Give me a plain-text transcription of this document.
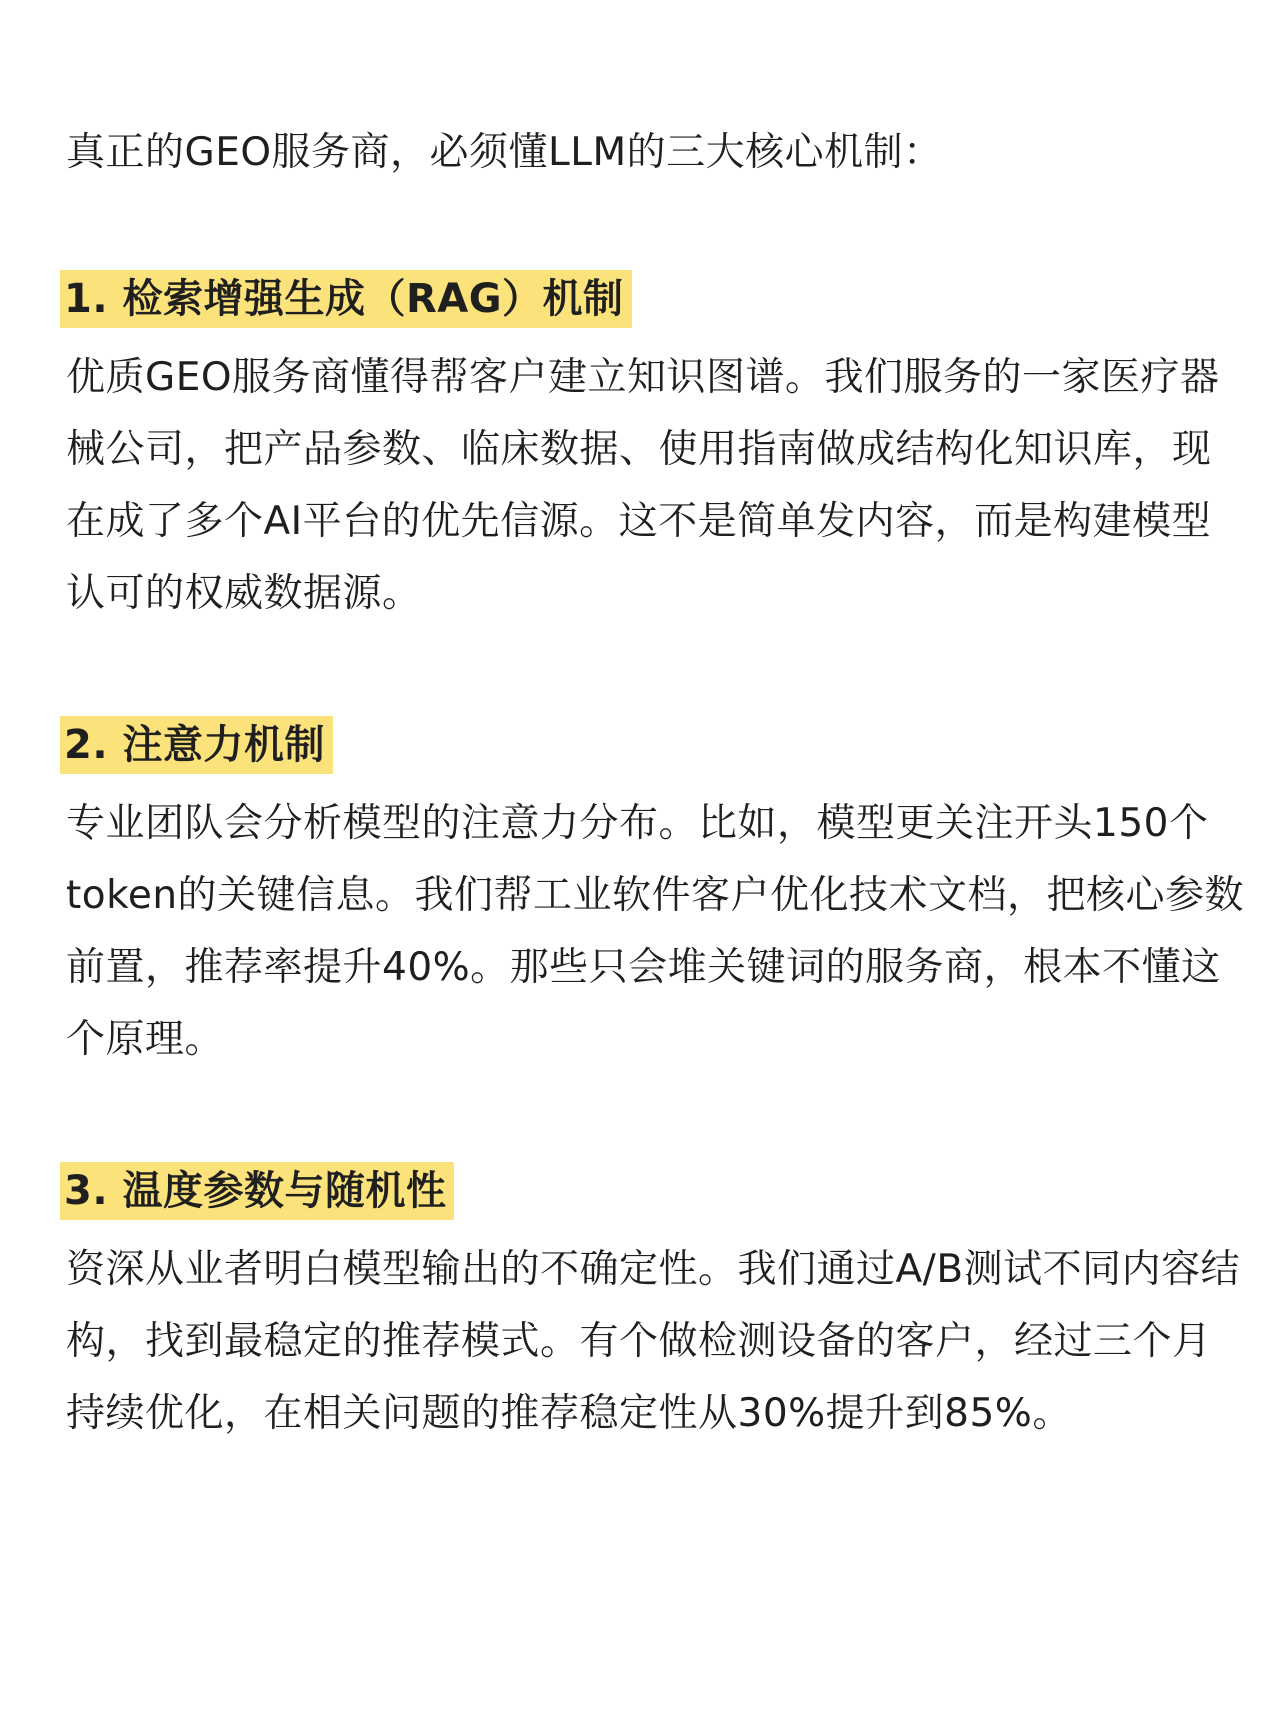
真正的GEO服务商，必须懂LLM的三大核心机制：

1. 检索增强生成（RAG）机制

优质GEO服务商懂得帮客户建立知识图谱。我们服务的一家医疗器械公司，把产品参数、临床数据、使用指南做成结构化知识库，现在成了多个AI平台的优先信源。这不是简单发内容，而是构建模型认可的权威数据源。

2. 注意力机制

专业团队会分析模型的注意力分布。比如，模型更关注开头150个token的关键信息。我们帮工业软件客户优化技术文档，把核心参数前置，推荐率提升40%。那些只会堆关键词的服务商，根本不懂这个原理。

3. 温度参数与随机性

资深从业者明白模型输出的不确定性。我们通过A/B测试不同内容结构，找到最稳定的推荐模式。有个做检测设备的客户，经过三个月持续优化，在相关问题的推荐稳定性从30%提升到85%。
